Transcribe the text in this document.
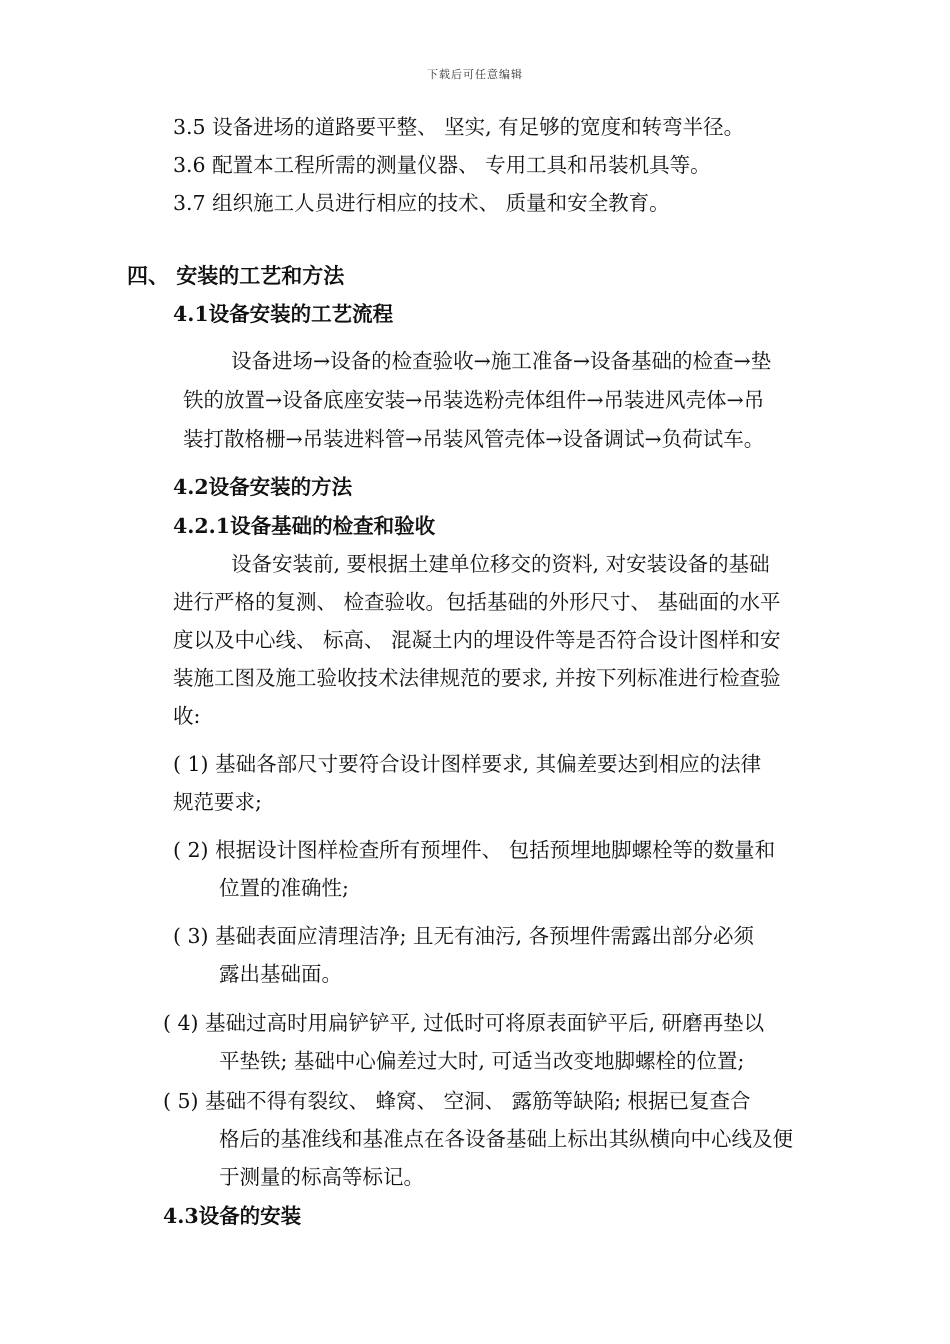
下载后可任意编辑
3.5 设备进场的道路要平整、 坚实, 有足够的宽度和转弯半径。
3.6 配置本工程所需的测量仪器、 专用工具和吊装机具等。
3.7 组织施工人员进行相应的技术、 质量和安全教育。
四、 安装的工艺和方法
4.1设备安装的工艺流程
设备进场→设备的检查验收→施工准备→设备基础的检查→垫
铁的放置→设备底座安装→吊装选粉壳体组件→吊装进风壳体→吊
装打散格栅→吊装进料管→吊装风管壳体→设备调试→负荷试车。
4.2设备安装的方法
4.2.1设备基础的检查和验收
设备安装前, 要根据土建单位移交的资料, 对安装设备的基础
进行严格的复测、 检查验收。包括基础的外形尺寸、 基础面的水平
度以及中心线、 标高、 混凝土内的埋设件等是否符合设计图样和安
装施工图及施工验收技术法律规范的要求, 并按下列标准进行检查验
收:
( 1) 基础各部尺寸要符合设计图样要求, 其偏差要达到相应的法律
规范要求;
( 2) 根据设计图样检查所有预埋件、 包括预埋地脚螺栓等的数量和
位置的准确性;
( 3) 基础表面应清理洁净; 且无有油污, 各预埋件需露出部分必须
露出基础面。
( 4) 基础过高时用扁铲铲平, 过低时可将原表面铲平后, 研磨再垫以
平垫铁; 基础中心偏差过大时, 可适当改变地脚螺栓的位置;
( 5) 基础不得有裂纹、 蜂窝、 空洞、 露筋等缺陷; 根据已复查合
格后的基准线和基准点在各设备基础上标出其纵横向中心线及便
于测量的标高等标记。
4.3设备的安装
